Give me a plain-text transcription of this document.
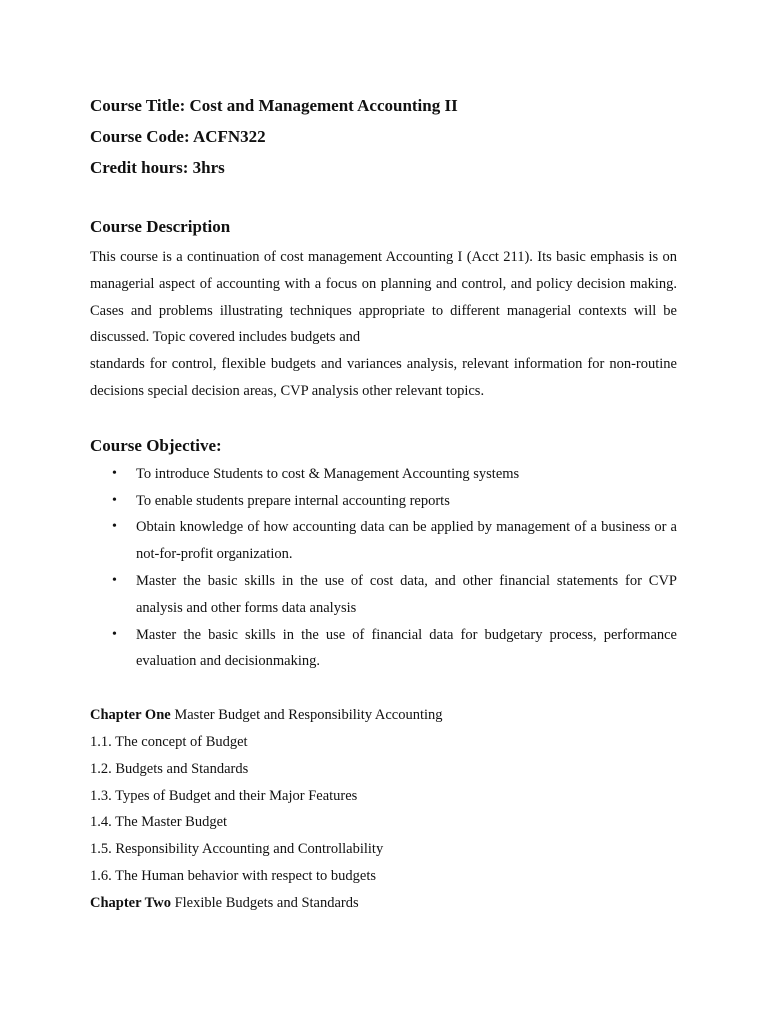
Course Title: Cost and Management Accounting II

Course Code: ACFN322

Credit hours: 3hrs

Course Description

This course is a continuation of cost management Accounting I (Acct 211). Its basic emphasis is on managerial aspect of accounting with a focus on planning and control, and policy decision making. Cases and problems illustrating techniques appropriate to different managerial contexts will be discussed. Topic covered includes budgets and

standards for control, flexible budgets and variances analysis, relevant information for non-routine decisions special decision areas, CVP analysis other relevant topics.

Course Objective:

• To introduce Students to cost & Management Accounting systems
• To enable students prepare internal accounting reports
• Obtain knowledge of how accounting data can be applied by management of a business or a not-for-profit organization.
• Master the basic skills in the use of cost data, and other financial statements for CVP analysis and other forms data analysis
• Master the basic skills in the use of financial data for budgetary process, performance evaluation and decisionmaking.

Chapter One Master Budget and Responsibility Accounting

1.1. The concept of Budget

1.2. Budgets and Standards

1.3. Types of Budget and their Major Features

1.4. The Master Budget

1.5. Responsibility Accounting and Controllability

1.6. The Human behavior with respect to budgets

Chapter Two Flexible Budgets and Standards
